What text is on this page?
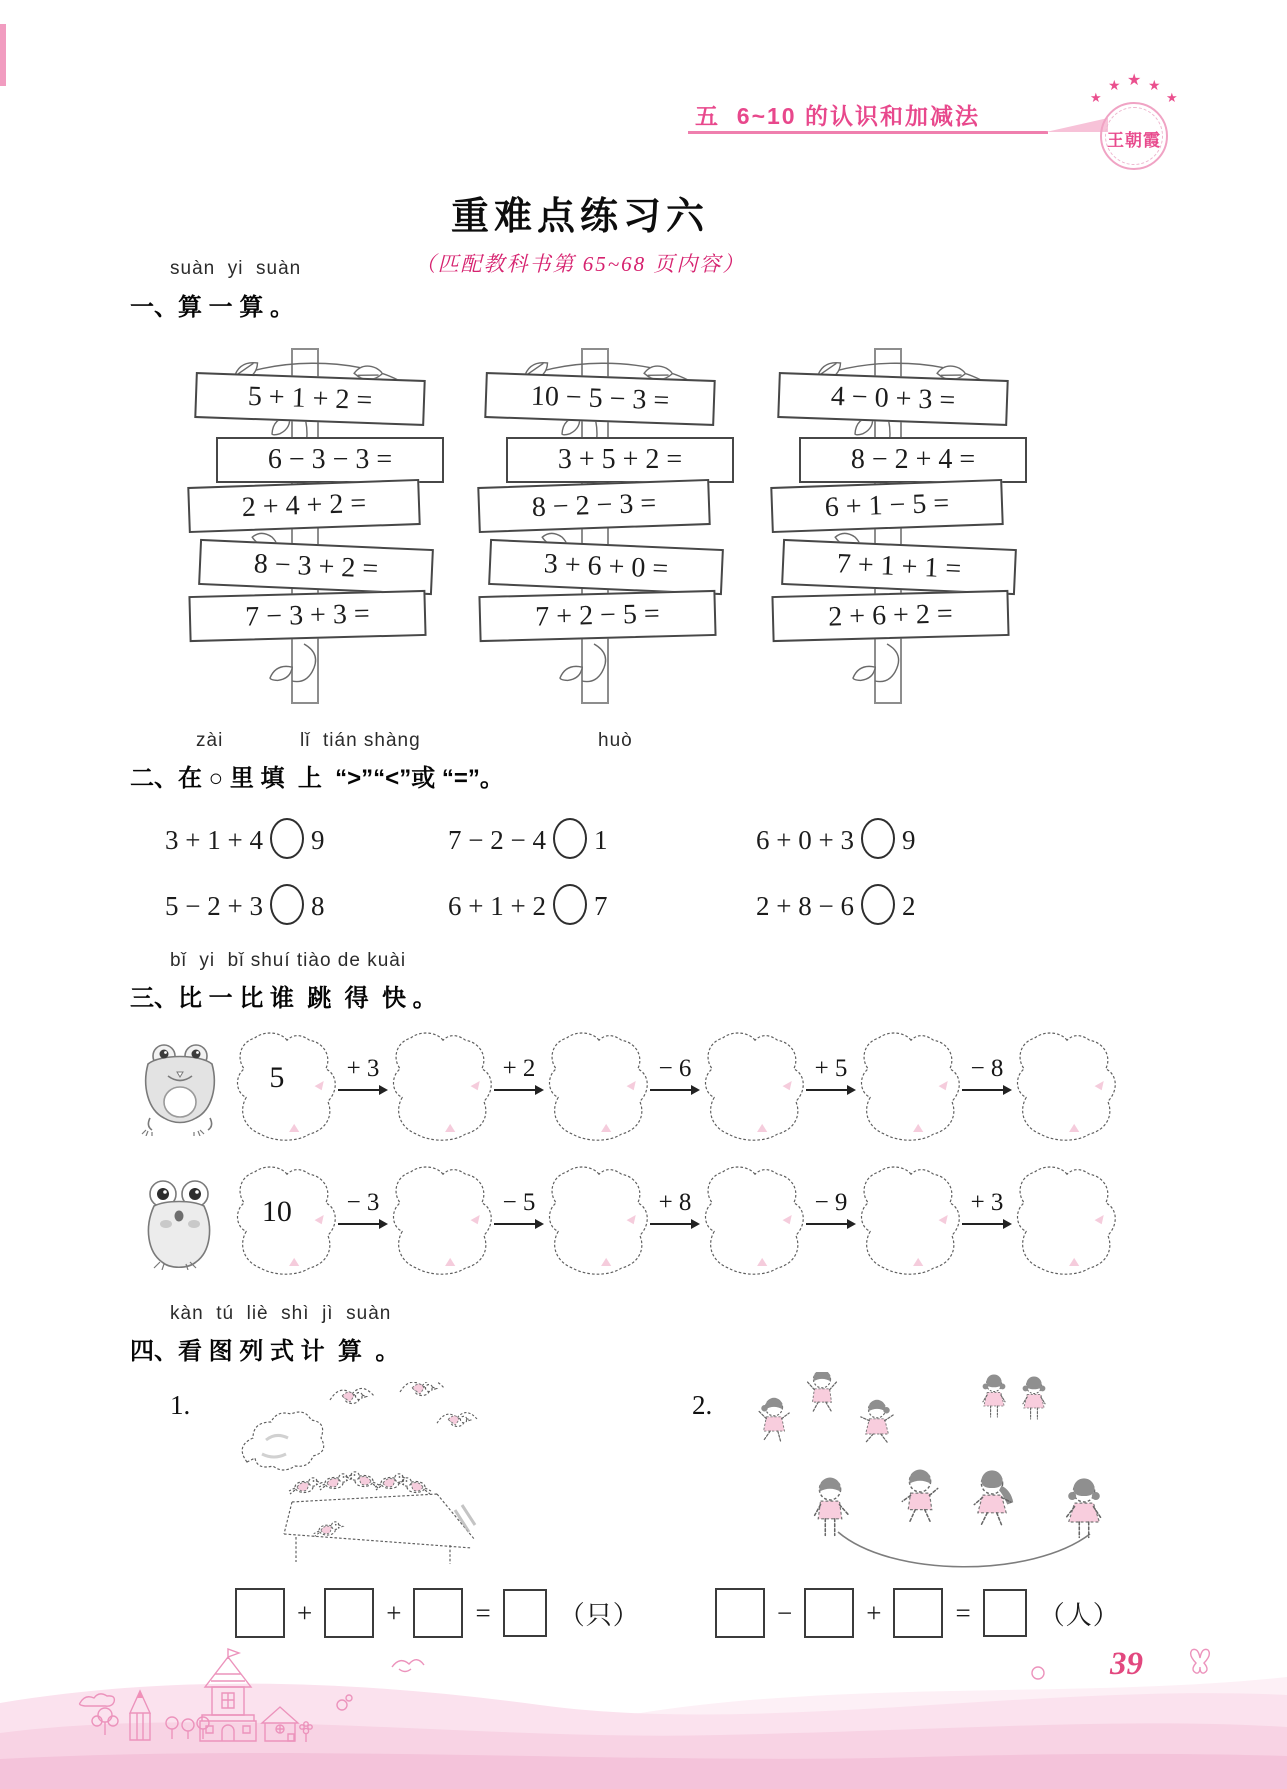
五  6~10 的认识和加减法
★
★ ★ ★
★
王朝霞
重难点练习六
（匹配教科书第 65~68 页内容）
suàn  yi  suàn
一、算 一 算 。
5 + 1 + 2 =
6 − 3 − 3 =
2 + 4 + 2 =
8 − 3 + 2 =
7 − 3 + 3 =
10 − 5 − 3 =
3 + 5 + 2 =
8 − 2 − 3 =
3 + 6 + 0 =
7 + 2 − 5 =
4 − 0 + 3 =
8 − 2 + 4 =
6 + 1 − 5 =
7 + 1 + 1 =
2 + 6 + 2 =
zài	lǐ  tián shàng	huò
二、在 ○ 里 填  上  “>”“<”或 “=”。
3 + 1 + 4 9	7 − 2 − 4 1	6 + 0 + 3 9
5 − 2 + 3 8	6 + 1 + 2 7	2 + 8 − 6 2
bǐ  yi  bǐ shuí tiào de kuài
三、比 一 比 谁  跳  得  快 。
5	+ 3	+ 2	− 6	+ 5	− 8
10	− 3	− 5	+ 8	− 9	+ 3
kàn  tú  liè  shì  jì  suàn
四、看 图 列 式 计  算  。
1.	2.
+	+	=	（只）	−	+	=	（人）
39
